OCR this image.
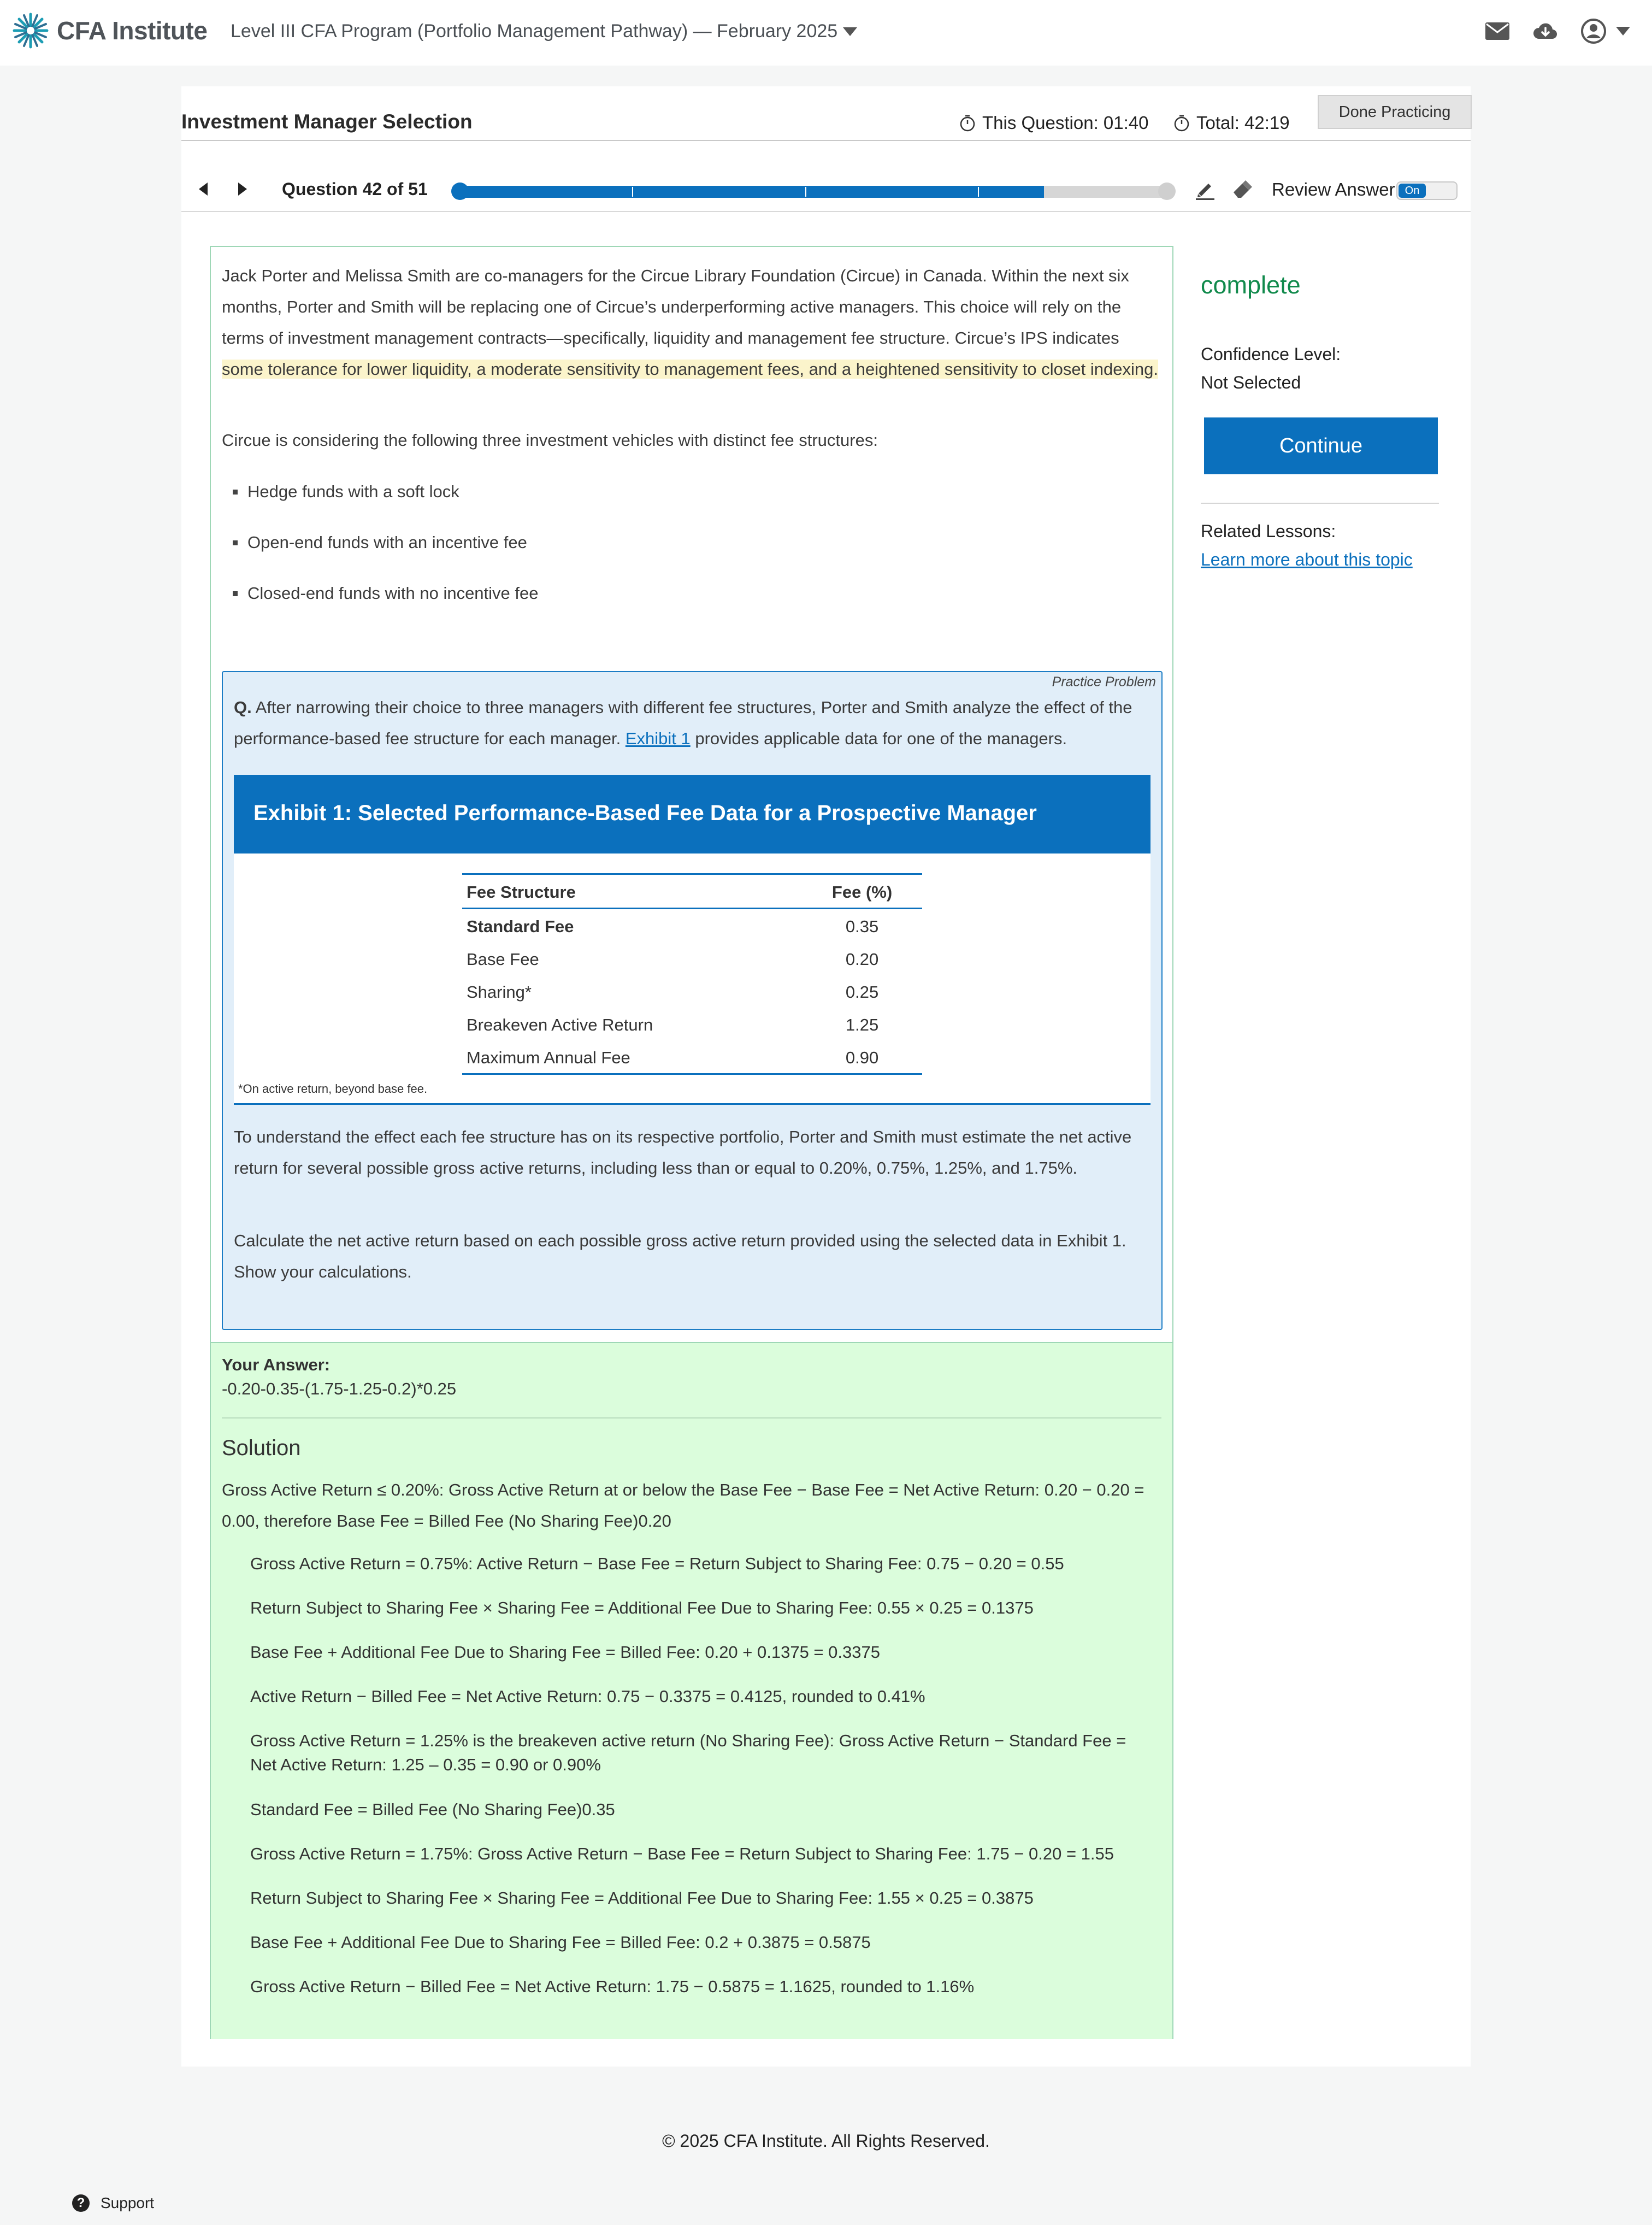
CFA Institute Level III CFA Program (Portfolio Management Pathway) — February 2025
Investment Manager Selection	This Question: 01:40	Total: 42:19
Done Practicing
Question 42 of 51	Review Answer On

Jack Porter and Melissa Smith are co-managers for the Circue Library Foundation (Circue) in Canada. Within the next six months, Porter and Smith will be replacing one of Circue’s underperforming active managers. This choice will rely on the terms of investment management contracts—specifically, liquidity and management fee structure. Circue’s IPS indicates some tolerance for lower liquidity, a moderate sensitivity to management fees, and a heightened sensitivity to closet indexing.

Circue is considering the following three investment vehicles with distinct fee structures:
Hedge funds with a soft lock
Open-end funds with an incentive fee
Closed-end funds with no incentive fee
Practice Problem
Q. After narrowing their choice to three managers with different fee structures, Porter and Smith analyze the effect of the performance-based fee structure for each manager. Exhibit 1 provides applicable data for one of the managers.
Exhibit 1: Selected Performance-Based Fee Data for a Prospective Manager
Fee Structure	Fee (%)
Standard Fee	0.35
Base Fee	0.20
Sharing*	0.25
Breakeven Active Return	1.25
Maximum Annual Fee	0.90
*On active return, beyond base fee.
To understand the effect each fee structure has on its respective portfolio, Porter and Smith must estimate the net active return for several possible gross active returns, including less than or equal to 0.20%, 0.75%, 1.25%, and 1.75%.
Calculate the net active return based on each possible gross active return provided using the selected data in Exhibit 1. Show your calculations.
Your Answer:
-0.20-0.35-(1.75-1.25-0.2)*0.25
Solution
Gross Active Return ≤ 0.20%: Gross Active Return at or below the Base Fee − Base Fee = Net Active Return: 0.20 − 0.20 = 0.00, therefore Base Fee = Billed Fee (No Sharing Fee)0.20
Gross Active Return = 0.75%: Active Return − Base Fee = Return Subject to Sharing Fee: 0.75 − 0.20 = 0.55
Return Subject to Sharing Fee × Sharing Fee = Additional Fee Due to Sharing Fee: 0.55 × 0.25 = 0.1375
Base Fee + Additional Fee Due to Sharing Fee = Billed Fee: 0.20 + 0.1375 = 0.3375
Active Return − Billed Fee = Net Active Return: 0.75 − 0.3375 = 0.4125, rounded to 0.41%
Gross Active Return = 1.25% is the breakeven active return (No Sharing Fee): Gross Active Return − Standard Fee = Net Active Return: 1.25 – 0.35 = 0.90 or 0.90%
Standard Fee = Billed Fee (No Sharing Fee)0.35
Gross Active Return = 1.75%: Gross Active Return − Base Fee = Return Subject to Sharing Fee: 1.75 − 0.20 = 1.55
Return Subject to Sharing Fee × Sharing Fee = Additional Fee Due to Sharing Fee: 1.55 × 0.25 = 0.3875
Base Fee + Additional Fee Due to Sharing Fee = Billed Fee: 0.2 + 0.3875 = 0.5875
Gross Active Return − Billed Fee = Net Active Return: 1.75 − 0.5875 = 1.1625, rounded to 1.16%
complete
Confidence Level:
Not Selected
Continue
Related Lessons:
Learn more about this topic
© 2025 CFA Institute. All Rights Reserved.
?	Support
